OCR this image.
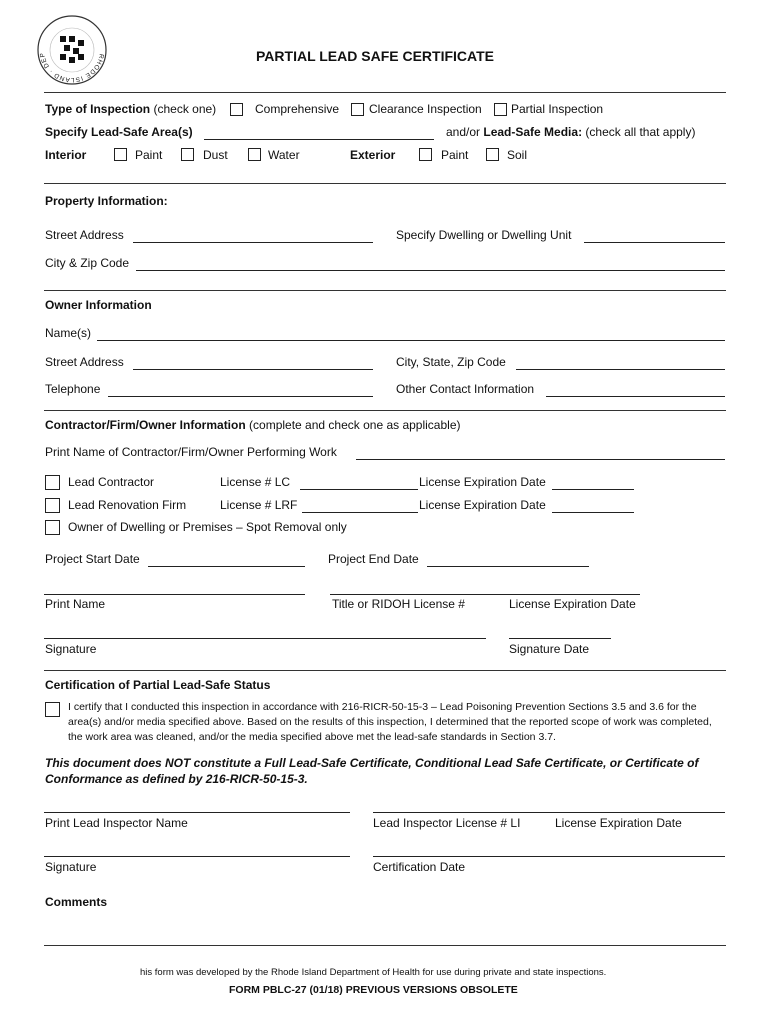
RHODE ISLAND · DEP	PARTIAL LEAD SAFE CERTIFICATE
Type of Inspection (check one)	Comprehensive Clearance Inspection Partial Inspection
Specify Lead-Safe Area(s)	and/or Lead-Safe Media: (check all that apply)
Interior	Paint	Dust	Water	Exterior	Paint	Soil
Property Information:
Street Address	Specify Dwelling or Dwelling Unit
City & Zip Code
Owner Information
Name(s)
Street Address	City, State, Zip Code
Telephone	Other Contact Information
Contractor/Firm/Owner Information (complete and check one as applicable)
Print Name of Contractor/Firm/Owner Performing Work
Lead Contractor	License # LC	License Expiration Date
Lead Renovation Firm	License # LRF	License Expiration Date
Owner of Dwelling or Premises – Spot Removal only
Project Start Date	Project End Date
Print Name	Title or RIDOH License #	License Expiration Date
Signature	Signature Date
Certification of Partial Lead-Safe Status
I certify that I conducted this inspection in accordance with 216-RICR-50-15-3 – Lead Poisoning Prevention Sections 3.5 and 3.6 for the area(s) and/or media specified above. Based on the results of this inspection, I determined that the reported scope of work was completed, the work area was cleaned, and/or the media specified above met the lead-safe standards in Section 3.7.
This document does NOT constitute a Full Lead-Safe Certificate, Conditional Lead Safe Certificate, or Certificate of Conformance as defined by 216-RICR-50-15-3.
Print Lead Inspector Name	Lead Inspector License # LI	License Expiration Date
Signature	Certification Date
Comments
his form was developed by the Rhode Island Department of Health for use during private and state inspections.
FORM PBLC-27 (01/18) PREVIOUS VERSIONS OBSOLETE
